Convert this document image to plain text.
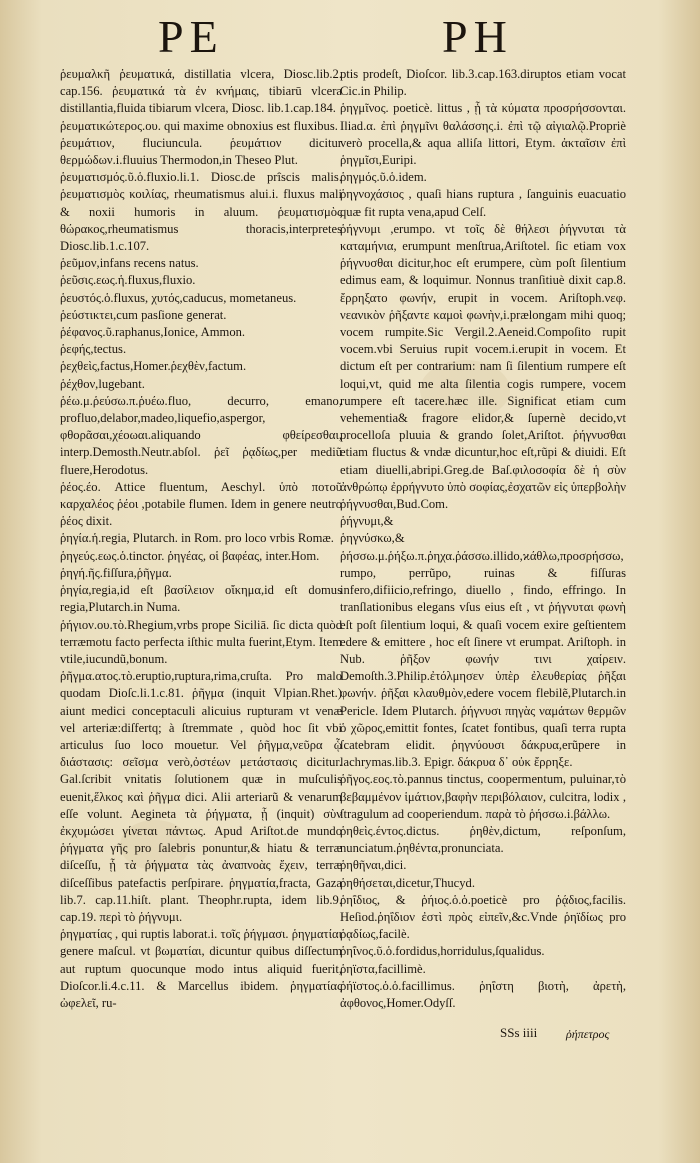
PE	PH

ῥευμαλκῆ ῥευματικά, distillatia vlcera, Diosc.lib.2. cap.156. ῥευματικά τὰ ἐν κνήμαις, tibiarū vlcera distillantia,fluida tibiarum vlcera, Diosc. lib.1.cap.184.

ῥευματικώτερος.ου. qui maxime obnoxius est fluxibus.

ῥευμάτιον, fluciuncula. ῥευμάτιον dicitur θερμώδων.i.fluuius Thermodon,in Theseo Plut.

ῥευματισμός.ῦ.ὁ.fluxio.li.1. Diosc.de prîscis malis. ῥευματισμὸς κοιλίας, rheumatismus alui.i. fluxus mali & noxii humoris in aluum. ῥευματισμὸς θώρακος,rheumatismus thoracis,interpretes Diosc.lib.1.c.107.

ῥεῦμον,infans recens natus.

ῥεῦσις.εως.ἡ.fluxus,fluxio.

ῥευστός.ὁ.fluxus, χυτός,caducus, mometaneus.

ῥεύστικτει,cum pasſione generat.

ῥέφανος.ῦ.raphanus,Ionice, Ammon.

ῥεφής,tectus.

ῥεχθεὶς,factus,Homer.ῥεχθὲν,factum.

ῥέχθον,lugebant.

ῥέω.μ.ῥεύσω.π.ῥυέω.fluo, decurro, emano, profluo,delabor,madeo,liquefio,aspergor, φθορᾶσαι,χέοωαι.aliquando φθείρεσθαι, interp.Demosth.Neutr.abſol. ῥεῖ ῥᾳδίως,per mediũ fluere,Herodotus.

ῥέος.έο. Attice fluentum, Aeschyl. ὑπὸ ποτοῦ καρχαλέος ῥέοι ,potabile flumen. Idem in genere neutro ῥέος dixit.

ῥηγία.ἡ.regia, Plutarch. in Rom. pro loco vrbis Romæ.

ῥηγεύς.εως.ὁ.tinctor. ῥηγέας, οἱ βαφέας, inter.Hom.

ῥηγή.ῆς.fiſſura,ῥῆγμα.

ῥηγία,regia,id eſt βασίλειον οἴκημα,id eſt domus regia,Plutarch.in Numa.

ῥήγιον.ου.τὸ.Rhegium,vrbs prope Siciliā. ſic dicta quòd terræmotu facto perfecta iſthic multa fuerint,Etym. Item vtile,iucundũ,bonum.

ῥῆγμα.ατος.τὸ.eruptio,ruptura,rima,cruſta. Pro malo quodam Dioſc.li.1.c.81. ῥῆγμα (inquit Vlpian.Rhet.) aiunt medici conceptaculi alicuius rupturam vt venæ vel arteriæ:diſfertq; à ſtremmate , quòd hoc ſit vbi articulus ſuo loco mouetur. Vel ῥῆγμα,νεῦρα ᾧ διάστασις: σεῖσμα verò,ὀστέων μετάστασις dicitur. Gal.ſcribit vnitatis ſolutionem quæ in muſculis euenit,ἕλκος καὶ ῥῆγμα dici. Alii arteriarũ & venarum eſſe volunt. Aegineta τὰ ῥήγματα, ᾗ (inquit) σὺν ἐκχυμώσει γίνεται πάντως. Apud Ariſtot.de mundo ῥήγματα γῆς pro ſalebris ponuntur,& hiatu & terræ diſceſſu, ᾗ τὰ ῥήγματα τὰς ἀναπνοὰς ἔχειν, terræ diſceſſibus patefactis perſpirare. ῥηγματία,fracta, Gaza lib.7. cap.11.hiſt. plant. Theophr.rupta, idem lib.9. cap.19. περὶ τὸ ῥήγνυμι.

ῥηγματίας , qui ruptis laborat.i. τοῖς ῥήγμασι. ῥηγματίαι genere maſcul. vt βωματίαι, dicuntur quibus diſſectum aut ruptum quocunque modo intus aliquid fuerit, Dioſcor.li.4.c.11. & Marcellus ibidem. ῥηγματίας ὠφελεῖ, ru-

ptis prodeſt, Dioſcor. lib.3.cap.163.diruptos etiam vocat Cic.in Philip.

ῥηγμῖνος. poeticè. littus , ᾗ τὰ κύματα προσρήσσονται. Iliad.α. ἐπὶ ῥηγμῖνι θαλάσσης.i. ἐπὶ τῷ αἰγιαλῷ.Propriè verò procella,& aqua alliſa littori, Etym. ἀκταῖσιν ἐπὶ ῥηγμῖσι,Euripi.

ῥηγμός.ῦ.ὁ.idem.

ῥηγνοχάσιος , quaſi hians ruptura , ſanguinis euacuatio quæ fit rupta vena,apud Celſ.

ῥήγνυμι ,erumpo. vt τοῖς δὲ θήλεσι ῥήγνυται τὰ καταμήνια, erumpunt menſtrua,Ariſtotel. ſic etiam vox ῥήγνυσθαι dicitur,hoc eſt erumpere, cùm poſt ſilentium edimus eam, & loquimur. Nonnus tranſitiuè dixit cap.8. ἔρρηξατο φωνήν, erupit in vocem. Ariſtoph.νεφ. νεανικὸν ῥῆξαντε καμοὶ φωνὴν,i.prælongam mihi quoq; vocem rumpite.Sic Vergil.2.Aeneid.Compoſito rupit vocem.vbi Seruius rupit vocem.i.erupit in vocem. Et dictum eſt per contrarium: nam ſi ſilentium rumpere eſt loqui,vt, quid me alta ſilentia cogis rumpere, vocem rumpere eſt tacere.hæc ille. Significat etiam cum vehementia& fragore elidor,& ſupernè decido,vt procelloſa pluuia & grando ſolet,Ariſtot. ῥήγνυσθαι etiam fluctus & vndæ dicuntur,hoc eſt,rũpi & diuidi. Eſt etiam diuelli,abripi.Greg.de Baſ.φιλοσοφία δὲ ἡ σὺν ἀνθρώπῳ ἐρρήγνυτο ὑπὸ σοφίας,ἐσχατῶν εἰς ὑπερβολὴν ῥήγνυσθαι,Bud.Com.

ῥήγνυμι,&

ῥηγνύσκω,&

ῥήσσω.μ.ῥήξω.π.ῥηχα.ῥάσσω.illido,ϰάθλω,προσρήσσω, rumpo, perrũpo, ruinas & fiſſuras infero,difiicio,refringo, diuello , findo, effringo. In tranſlationibus elegans vſus eius eſt , vt ῥήγνυται φωνὴ eſt poſt ſilentium loqui, & quaſi vocem exire geſtientem edere & emittere , hoc eſt ſinere vt erumpat. Ariſtoph. in Nub. ῥῆξον φωνήν τινι χαίρειν. Demoſth.3.Philip.ἐτόλμησεν ὑπὲρ ἐλευθερίας ῥῆξαι φωνήν. ῥῆξαι κλαυθμὸν,edere vocem flebilẽ,Plutarch.in Pericle. Idem Plutarch. ῥήγνυσι πηγὰς ναμάτων θερμῶν ὁ χῶρος,emittit fontes, ſcatet fontibus, quaſi terra rupta ſcatebram elidit. ῥηγνύουσι δάκρυα,erũpere in lachrymas.lib.3. Epigr. δάκρυα δ᾽ οὐκ ἔρρηξε.

ῥῆγος.εος.τὸ.pannus tinctus, coopermentum, puluinar,τὸ βεβαμμένον ἱμάτιον,βαφὴν περιβόλαιον, culcitra, lodix , ſtragulum ad cooperiendum. παρὰ τὸ ῥήσσω.i.βάλλω.

ῥηθεὶς.έντος.dictus. ῥηθὲν,dictum, reſponſum, nunciatum.ῥηθέντα,pronunciata.

ῥηθῆναι,dici.

ῥηθήσεται,dicetur,Thucyd.

ῥηΐδιος, & ῥήιος.ὁ.ὁ.poeticè pro ῥᾴδιος,facilis. Heſiod.ῥηΐδιον ἐστὶ πρὸς εἰπεῖν,&c.Vnde ῥηϊδίως pro ῥᾳδίως,facilè.

ῥηΐνος.ῦ.ὁ.fordidus,horridulus,ſqualidus.

ῥηϊστα,facillimè.

ῥήϊστος.ὁ.ὁ.facillimus. ῥηΐστη βιοτὴ, ἀρετὴ, ἀφθονος,Homer.Odyſſ.

SSs iiii ῥήπετρος
